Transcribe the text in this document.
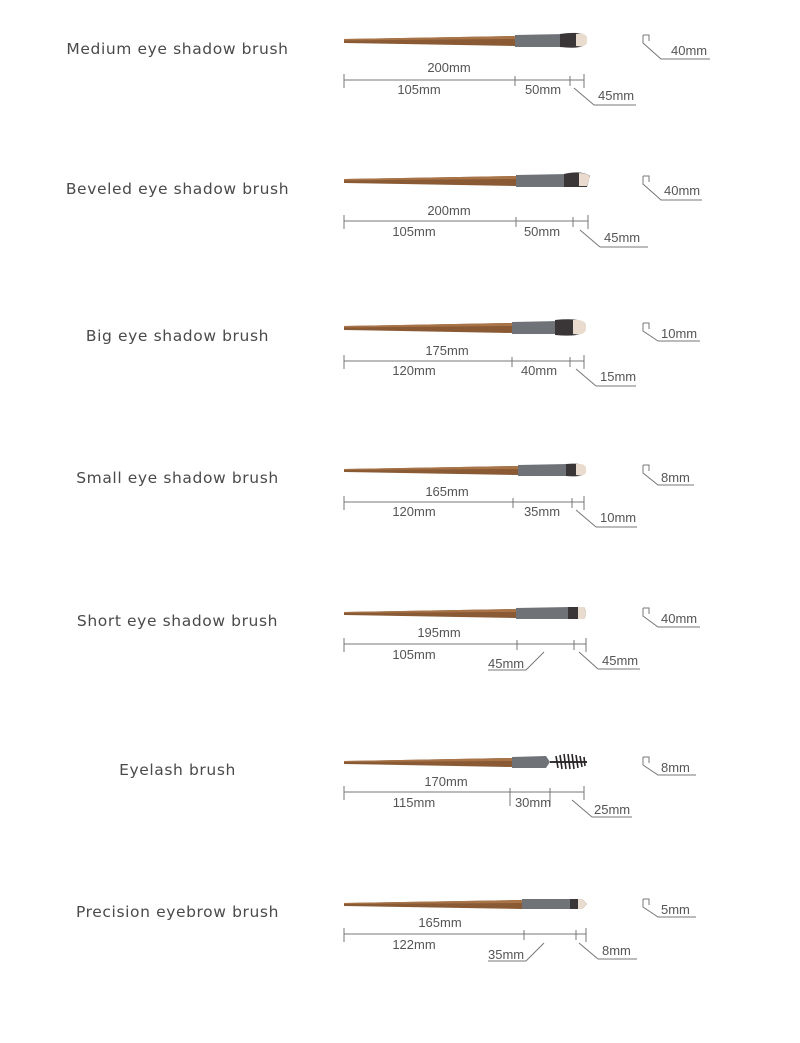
Medium eye shadow brush
200mm
105mm	50mm	45mm
40mm
Beveled eye shadow brush
200mm
105mm	50mm	45mm
40mm
Big eye shadow brush
175mm
120mm	40mm	15mm
10mm
Small eye shadow brush
165mm
120mm	35mm	10mm
8mm
Short eye shadow brush
195mm
105mm
45mm	45mm
40mm
Eyelash brush
170mm
115mm	30mm	25mm
8mm
Precision eyebrow brush
165mm
122mm
35mm	8mm
5mm
